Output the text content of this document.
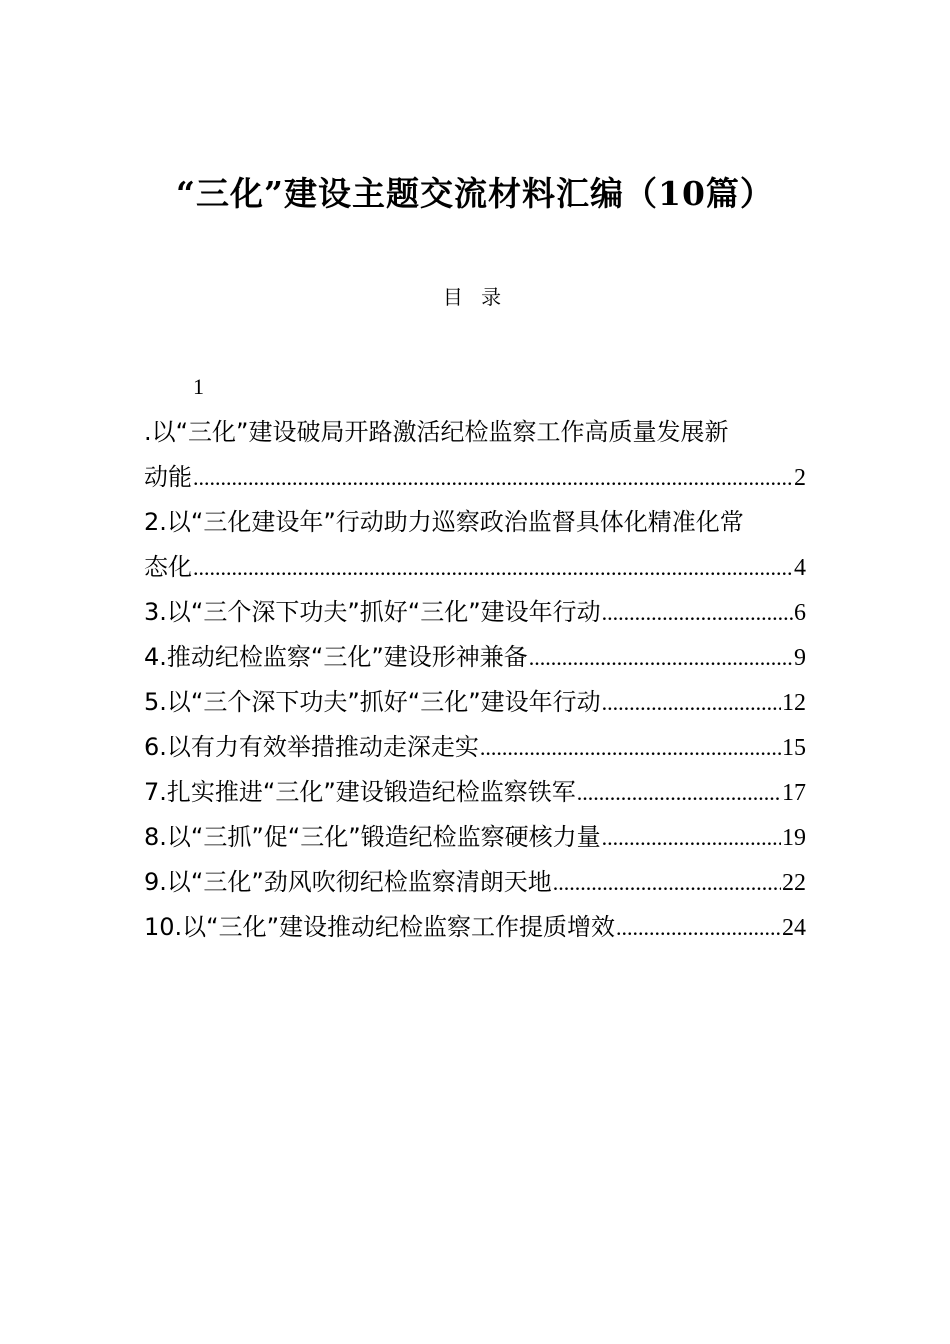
“三化”建设主题交流材料汇编（10篇）
目 录
1
.以“三化”建设破局开路激活纪检监察工作高质量发展新
动能 .....	2
2.以“三化建设年”行动助力巡察政治监督具体化精准化常
态化 .....	4
3.以“三个深下功夫”抓好“三化”建设年行动 .....	6
4.推动纪检监察“三化”建设形神兼备 .....	9
5.以“三个深下功夫”抓好“三化”建设年行动 .....	12
6.以有力有效举措推动走深走实 .....	15
7.扎实推进“三化”建设锻造纪检监察铁军 .....	17
8.以“三抓”促“三化”锻造纪检监察硬核力量 .....	19
9.以“三化”劲风吹彻纪检监察清朗天地 .....	22
10.以“三化”建设推动纪检监察工作提质增效 .....	24
